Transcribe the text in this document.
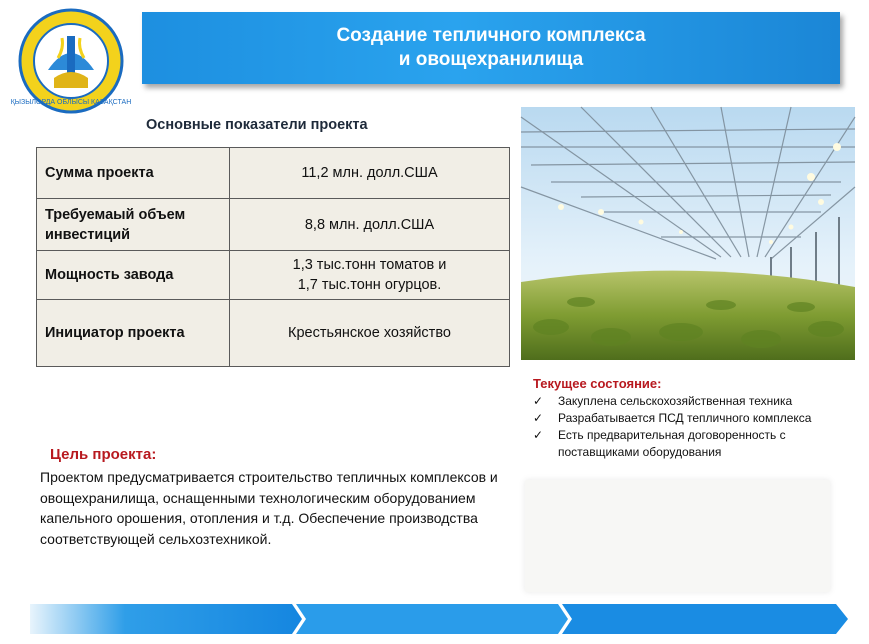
ҚЫЗЫЛОРДА ОБЛЫСЫ ҚАЗАҚСТАН
Создание тепличного комплекса
и овощехранилища
Основные показатели проекта
Сумма проекта	11,2 млн. долл.США

Требуемаый объем
инвестиций	8,8 млн. долл.США
Мощность завода	1,3 тыс.тонн томатов и
1,7 тыс.тонн огурцов.

Инициатор проекта	Крестьянское хозяйство
Текущее состояние:
✓ Закуплена сельскохозяйственная техника
✓ Разрабатывается ПСД тепличного комплекса
✓ Есть предварительная договоренность с поставщиками оборудования
Цель проекта:
Проектом предусматривается строительство тепличных комплексов и овощехранилища, оснащенными технологическим оборудованием капельного орошения, отопления и т.д. Обеспечение производства соответствующей сельхозтехникой.
